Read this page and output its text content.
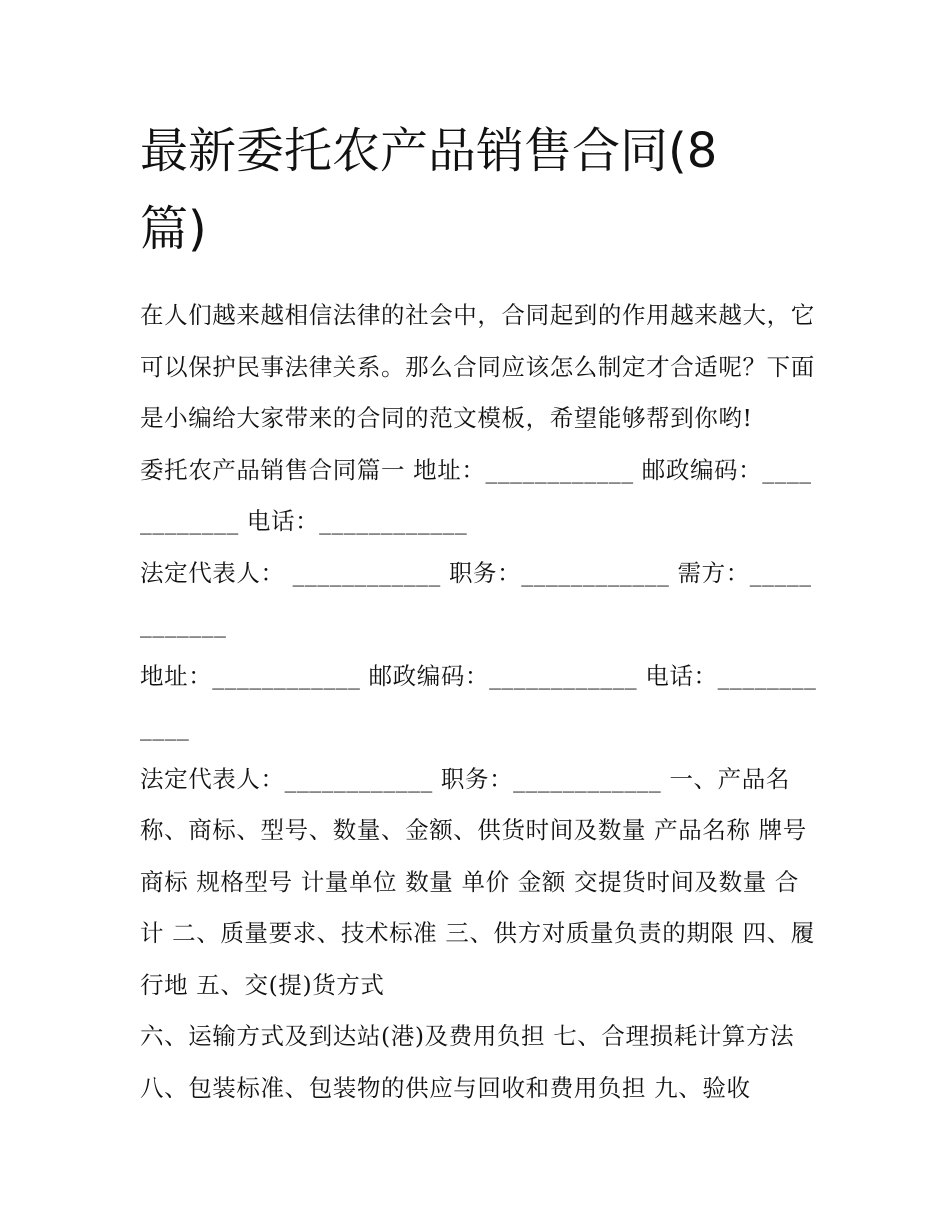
最新委托农产品销售合同(8篇)

在人们越来越相信法律的社会中，合同起到的作用越来越大，它可以保护民事法律关系。那么合同应该怎么制定才合适呢？下面是小编给大家带来的合同的范文模板，希望能够帮到你哟!

委托农产品销售合同篇一 地址：____________ 邮政编码：____________ 电话：____________

法定代表人： ____________ 职务：____________ 需方：____________

地址：____________ 邮政编码：____________ 电话：____________

法定代表人：____________ 职务：____________ 一、产品名称、商标、型号、数量、金额、供货时间及数量 产品名称 牌号商标 规格型号 计量单位 数量 单价 金额 交提货时间及数量 合计 二、质量要求、技术标准 三、供方对质量负责的期限 四、履行地 五、交(提)货方式

六、运输方式及到达站(港)及费用负担 七、合理损耗计算方法 八、包装标准、包装物的供应与回收和费用负担 九、验收
